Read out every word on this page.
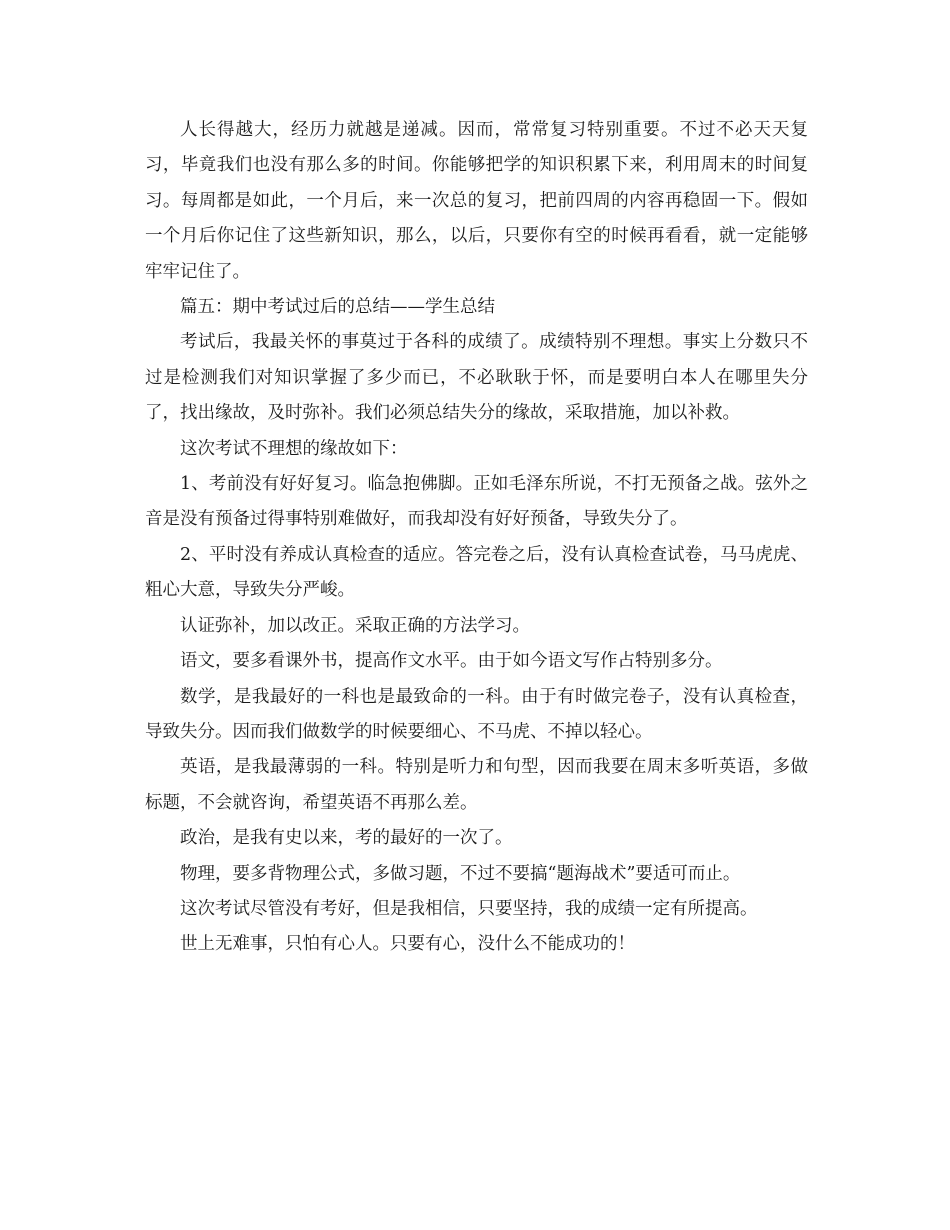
人长得越大，经历力就越是递减。因而，常常复习特别重要。不过不必天天复习，毕竟我们也没有那么多的时间。你能够把学的知识积累下来，利用周末的时间复习。每周都是如此，一个月后，来一次总的复习，把前四周的内容再稳固一下。假如一个月后你记住了这些新知识，那么，以后，只要你有空的时候再看看，就一定能够牢牢记住了。

篇五：期中考试过后的总结——学生总结

考试后，我最关怀的事莫过于各科的成绩了。成绩特别不理想。事实上分数只不过是检测我们对知识掌握了多少而已，不必耿耿于怀，而是要明白本人在哪里失分了，找出缘故，及时弥补。我们必须总结失分的缘故，采取措施，加以补救。

这次考试不理想的缘故如下：

1、考前没有好好复习。临急抱佛脚。正如毛泽东所说，不打无预备之战。弦外之音是没有预备过得事特别难做好，而我却没有好好预备，导致失分了。

2、平时没有养成认真检查的适应。答完卷之后，没有认真检查试卷，马马虎虎、粗心大意，导致失分严峻。

认证弥补，加以改正。采取正确的方法学习。

语文，要多看课外书，提高作文水平。由于如今语文写作占特别多分。

数学，是我最好的一科也是最致命的一科。由于有时做完卷子，没有认真检查，导致失分。因而我们做数学的时候要细心、不马虎、不掉以轻心。

英语，是我最薄弱的一科。特别是听力和句型，因而我要在周末多听英语，多做标题，不会就咨询，希望英语不再那么差。

政治，是我有史以来，考的最好的一次了。

物理，要多背物理公式，多做习题，不过不要搞“题海战术”要适可而止。

这次考试尽管没有考好，但是我相信，只要坚持，我的成绩一定有所提高。

世上无难事，只怕有心人。只要有心，没什么不能成功的！
